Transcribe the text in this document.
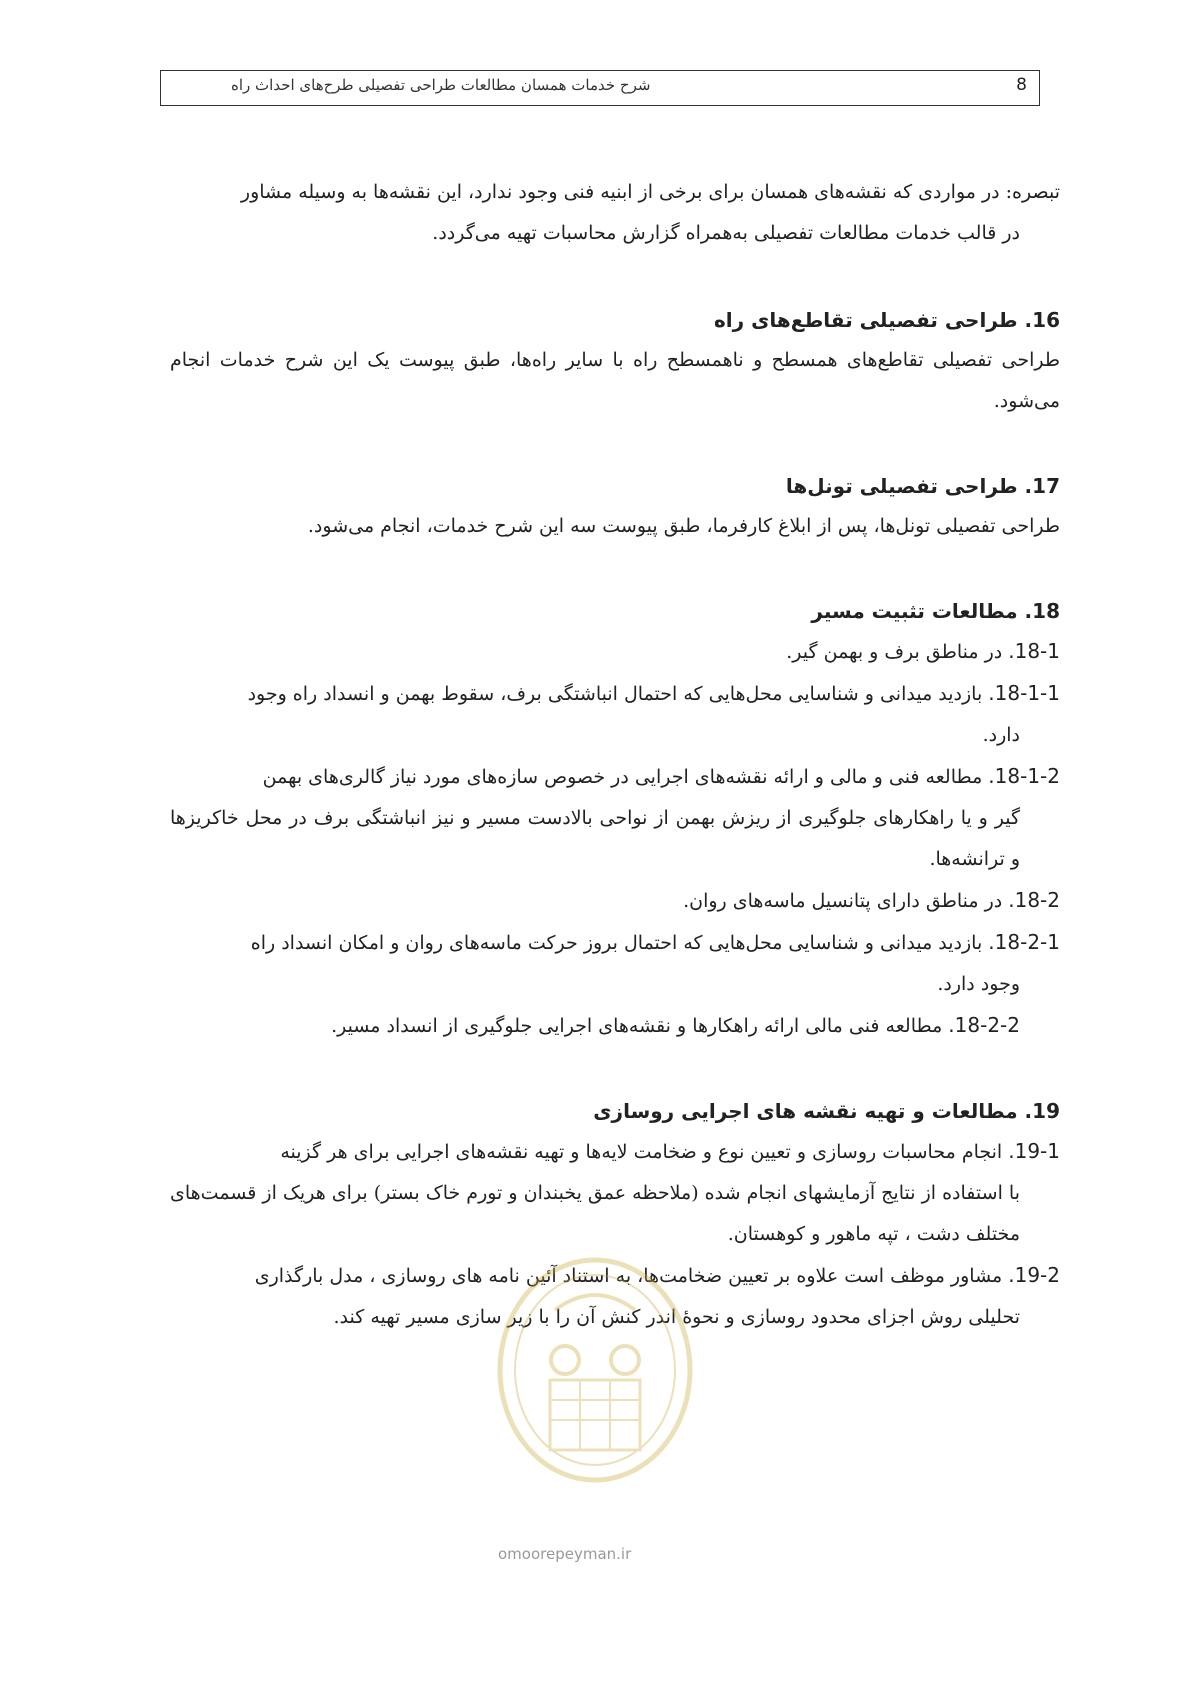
8
شرح خدمات همسان مطالعات طراحی تفصیلی طرح‌های احداث راه

تبصره: در مواردی که نقشه‌های همسان برای برخی از ابنیه فنی وجود ندارد، این نقشه‌ها به وسیله مشاور

در قالب خدمات مطالعات تفصیلی به‌همراه گزارش محاسبات تهیه می‌گردد.

16. طراحی تفصیلی تقاطع‌های راه

طراحی تفصیلی تقاطع‌های همسطح و ناهمسطح راه با سایر راه‌ها، طبق پیوست یک این شرح خدمات انجام می‌شود.

17. طراحی تفصیلی تونل‌ها

طراحی تفصیلی تونل‌ها، پس از ابلاغ کارفرما، طبق پیوست سه این شرح خدمات، انجام می‌شود.

18. مطالعات تثبیت مسیر
18-1. در مناطق برف و بهمن گیر.
18-1-1. بازدید میدانی و شناسایی محل‌هایی که احتمال انباشتگی برف، سقوط بهمن و انسداد راه وجود
دارد.
18-1-2. مطالعه فنی و مالی و ارائه نقشه‌های اجرایی در خصوص سازه‌های مورد نیاز گالری‌های بهمن
گیر و یا راهکارهای جلوگیری از ریزش بهمن از نواحی بالادست مسیر و نیز انباشتگی برف در محل خاکریزها و ترانشه‌ها.
18-2. در مناطق دارای پتانسیل ماسه‌های روان.
18-2-1. بازدید میدانی و شناسایی محل‌هایی که احتمال بروز حرکت ماسه‌های روان و امکان انسداد راه
وجود دارد.
18-2-2. مطالعه فنی مالی ارائه راهکارها و نقشه‌های اجرایی جلوگیری از انسداد مسیر.
19. مطالعات و تهیه نقشه های اجرایی روسازی
19-1. انجام محاسبات روسازی و تعیین نوع و ضخامت لایه‌ها و تهیه نقشه‌های اجرایی برای هر گزینه
با استفاده از نتایج آزمایشهای انجام شده (ملاحظه عمق یخبندان و تورم خاک بستر) برای هریک از قسمت‌های مختلف دشت ، تپه ماهور و کوهستان.
19-2. مشاور موظف است علاوه بر تعیین ضخامت‌ها، به استناد آئین نامه های روسازی ، مدل بارگذاری
تحلیلی روش اجزای محدود روسازی و نحوۀ اندر کنش آن را با زیر سازی مسیر تهیه کند.
omoorepeyman.ir
